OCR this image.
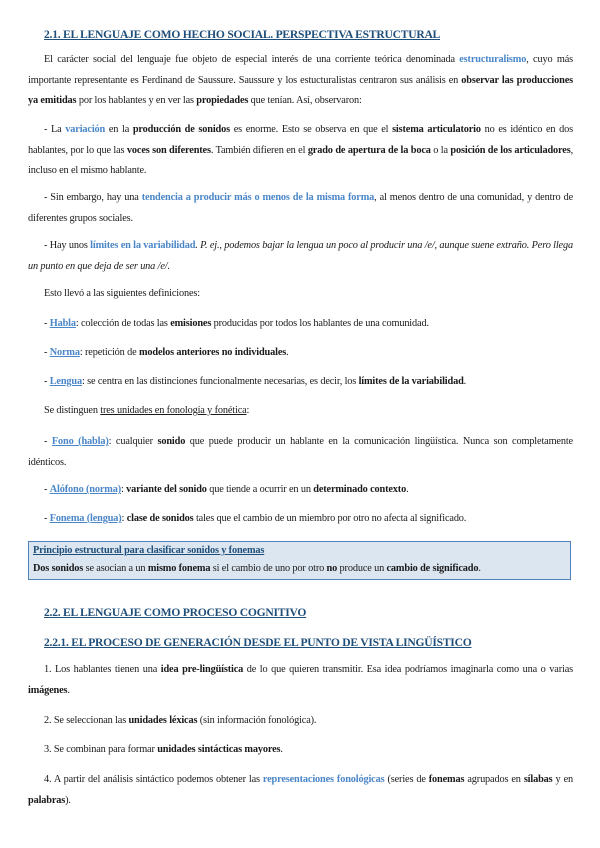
2.1. EL LENGUAJE COMO HECHO SOCIAL. PERSPECTIVA ESTRUCTURAL
El carácter social del lenguaje fue objeto de especial interés de una corriente teórica denominada estructuralismo, cuyo más importante representante es Ferdinand de Saussure. Saussure y los estucturalistas centraron sus análisis en observar las producciones ya emitidas por los hablantes y en ver las propiedades que tenían. Así, observaron:
- La variación en la producción de sonidos es enorme. Esto se observa en que el sistema articulatorio no es idéntico en dos hablantes, por lo que las voces son diferentes. También difieren en el grado de apertura de la boca o la posición de los articuladores, incluso en el mismo hablante.
- Sin embargo, hay una tendencia a producir más o menos de la misma forma, al menos dentro de una comunidad, y dentro de diferentes grupos sociales.
- Hay unos límites en la variabilidad. P. ej., podemos bajar la lengua un poco al producir una /e/, aunque suene extraño. Pero llega un punto en que deja de ser una /e/.
Esto llevó a las siguientes definiciones:
- Habla: colección de todas las emisiones producidas por todos los hablantes de una comunidad.
- Norma: repetición de modelos anteriores no individuales.
- Lengua: se centra en las distinciones funcionalmente necesarias, es decir, los límites de la variabilidad.
Se distinguen tres unidades en fonología y fonética:
- Fono (habla): cualquier sonido que puede producir un hablante en la comunicación lingüística. Nunca son completamente idénticos.
- Alófono (norma): variante del sonido que tiende a ocurrir en un determinado contexto.
- Fonema (lengua): clase de sonidos tales que el cambio de un miembro por otro no afecta al significado.
Principio estructural para clasificar sonidos y fonemas
Dos sonidos se asocian a un mismo fonema si el cambio de uno por otro no produce un cambio de significado.
2.2. EL LENGUAJE COMO PROCESO COGNITIVO
2.2.1. EL PROCESO DE GENERACIÓN DESDE EL PUNTO DE VISTA LINGÜÍSTICO
1. Los hablantes tienen una idea pre-lingüística de lo que quieren transmitir. Esa idea podríamos imaginarla como una o varias imágenes.
2. Se seleccionan las unidades léxicas (sin información fonológica).
3. Se combinan para formar unidades sintácticas mayores.
4. A partir del análisis sintáctico podemos obtener las representaciones fonológicas (series de fonemas agrupados en sílabas y en palabras).
